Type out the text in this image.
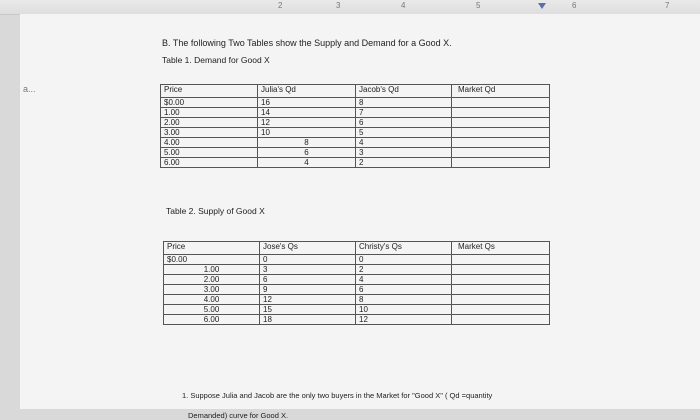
2	3	4	5	6	7
a...
B. The following Two Tables show the Supply and Demand for a Good X.
Table 1. Demand for Good X
Price	Julia's Qd	Jacob's Qd	Market Qd
$0.00	16	8	
1.00	14	7	
2.00	12	6	
3.00	10	5	
4.00	8	4	
5.00	6	3	
6.00	4	2	
Table 2. Supply of Good X
Price	Jose's Qs	Christy's Qs	Market Qs
$0.00	0	0	
1.00	3	2	
2.00	6	4	
3.00	9	6	
4.00	12	8	
5.00	15	10	
6.00	18	12	
1. Suppose Julia and Jacob are the only two buyers in the Market for "Good X" ( Qd =quantity
Demanded) curve for Good X.
